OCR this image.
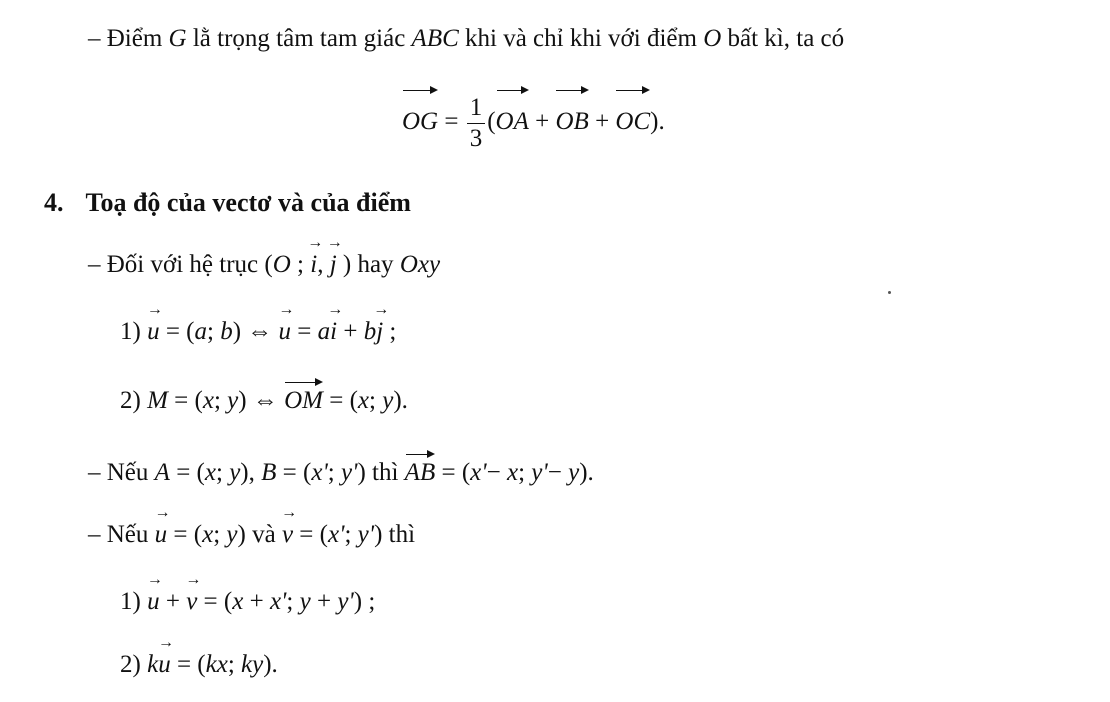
– Điểm G lằ trọng tâm tam giác ABC khi và chỉ khi với điểm O bất kì, ta có
OG = $\frac{1}{3} (OA$ + OB + OC).
4. Toạ độ của vectơ và của điểm
– Đối với hệ trục (O ; i →, j → ) hay Oxy
1) u → = (a; b) ⇔ u → = ai → + bj → ;
2) M = (x; y) ⇔ OM = (x; y).
– Nếu A = (x; y), B = (x'; y') thì AB = (x'− x; y'− y).
– Nếu u → = (x; y) và v → = (x'; y') thì
1) u → + v → = (x + x'; y + y') ;
2) ku → = (kx; ky).
